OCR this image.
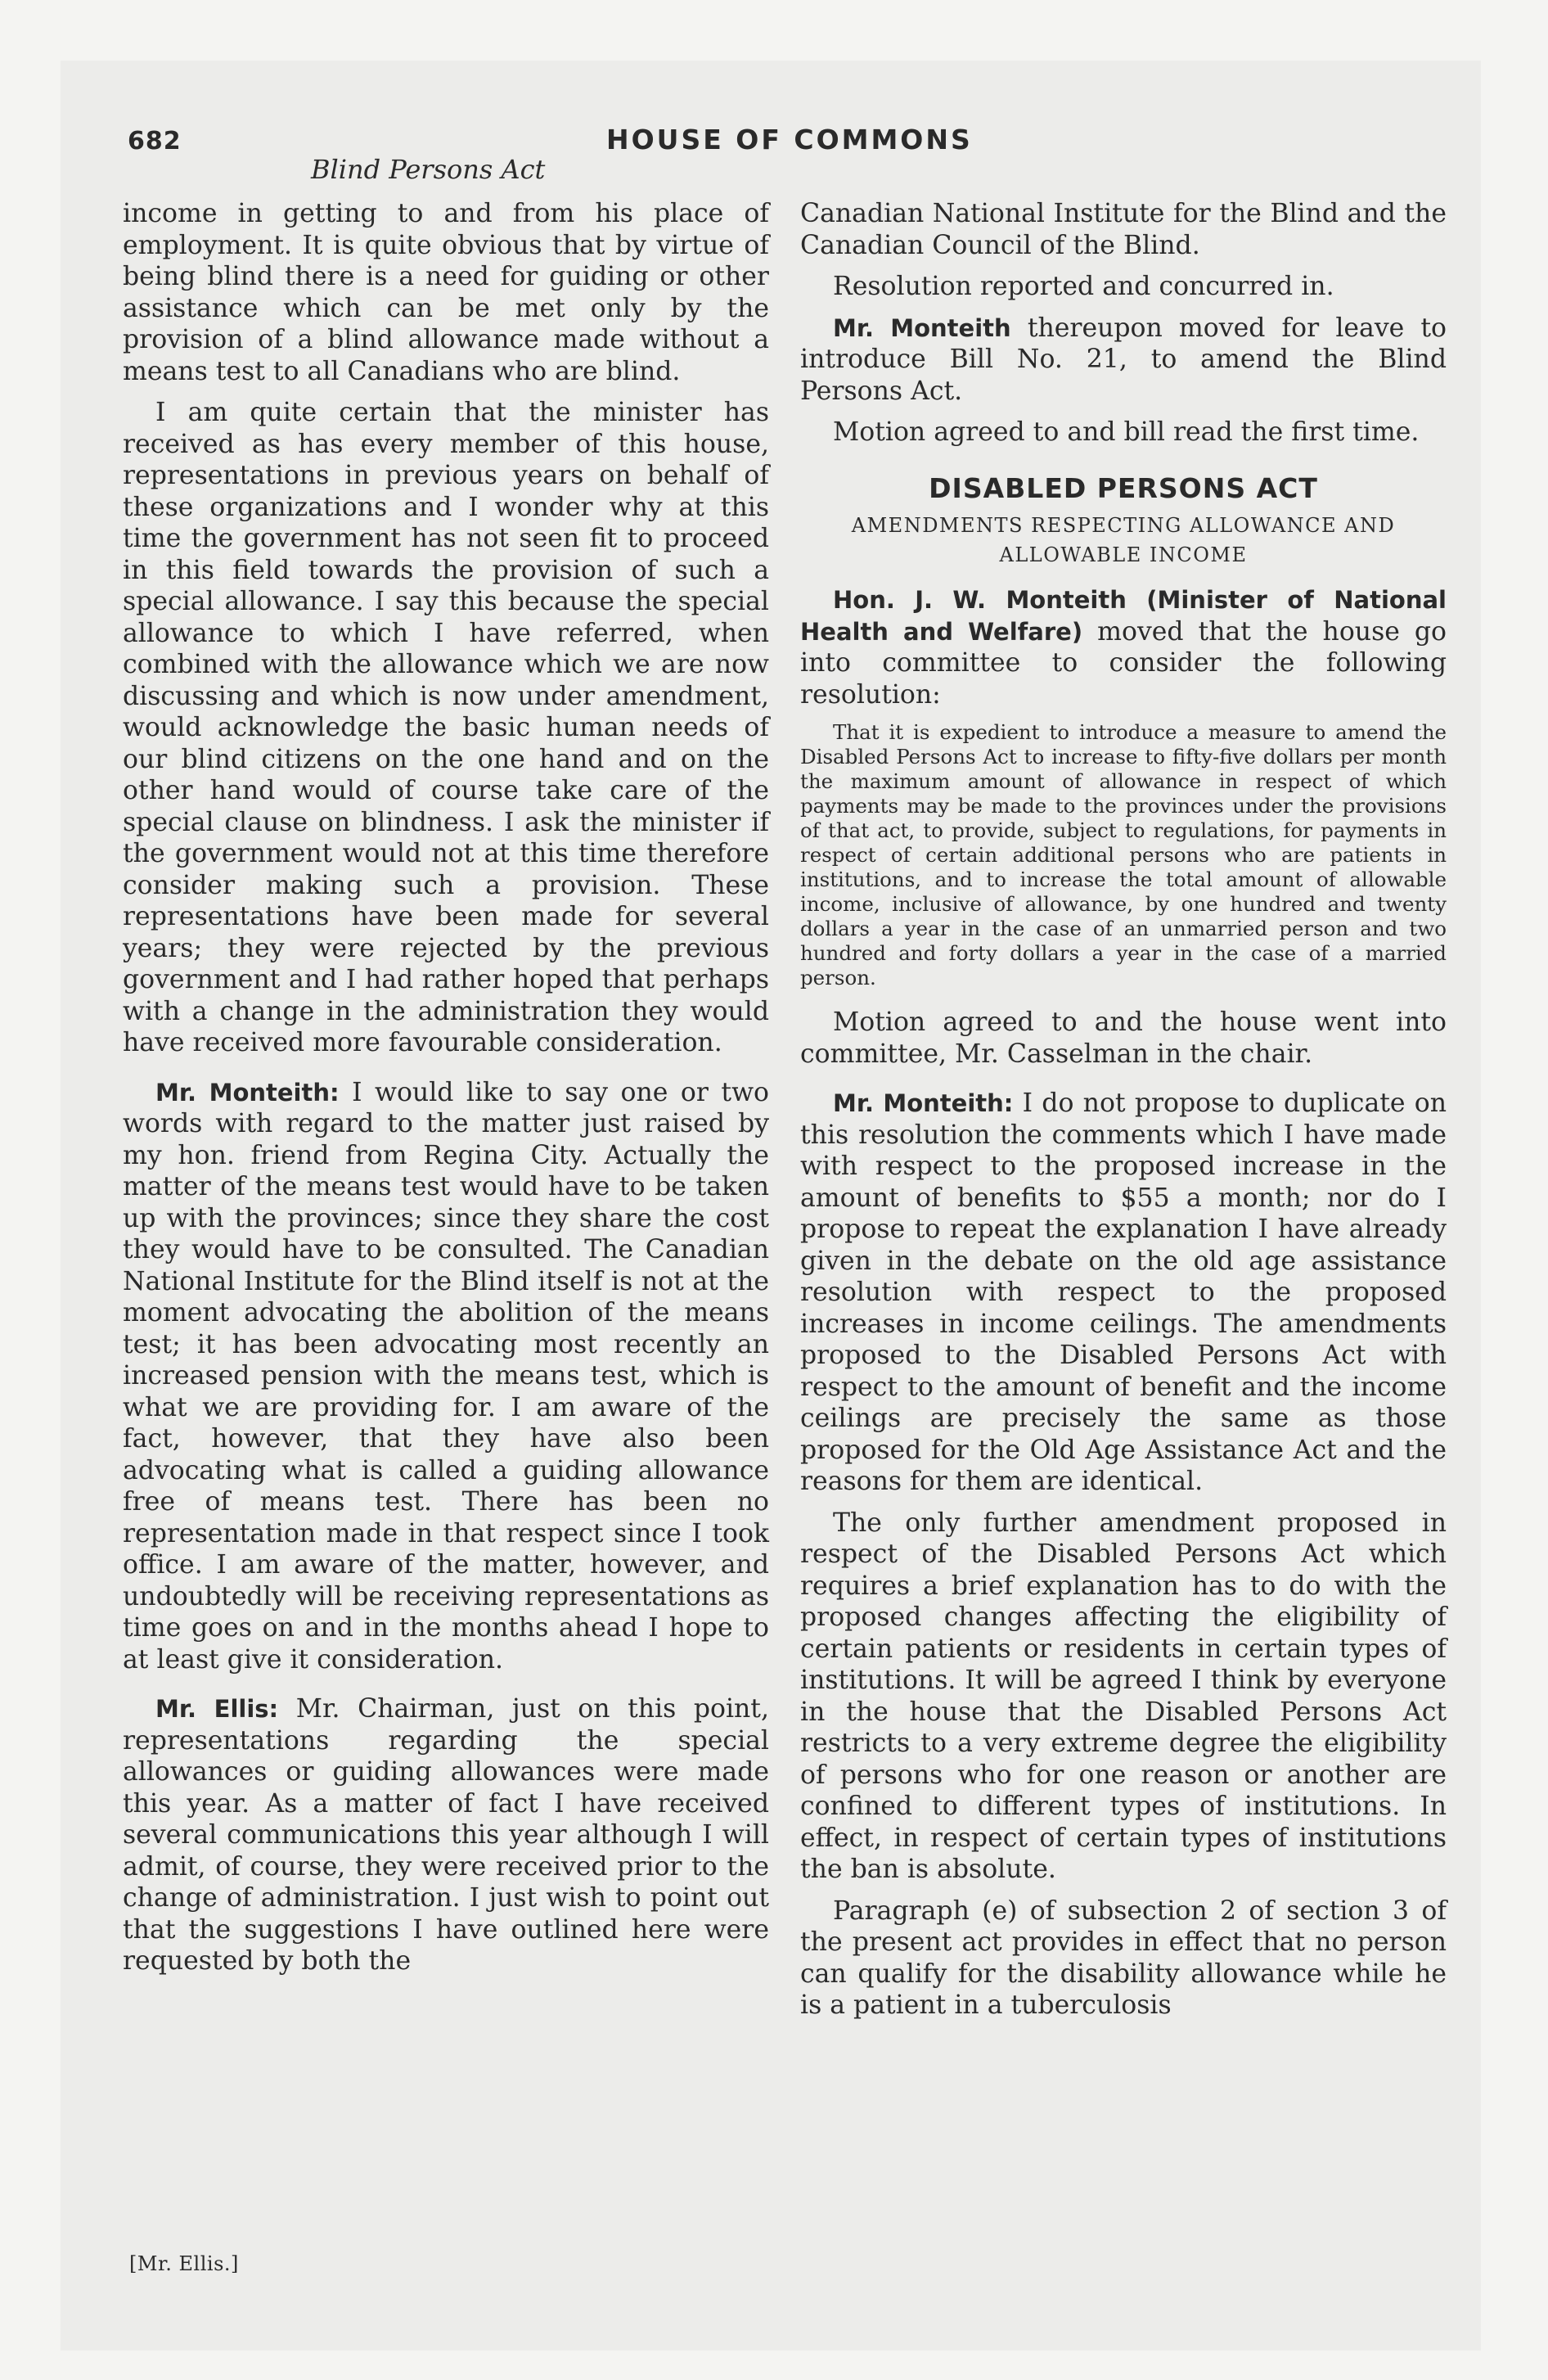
682	HOUSE OF COMMONS
Blind Persons Act

income in getting to and from his place of employment. It is quite obvious that by virtue of being blind there is a need for guiding or other assistance which can be met only by the provision of a blind allowance made without a means test to all Canadians who are blind.

I am quite certain that the minister has received as has every member of this house, representations in previous years on behalf of these organizations and I wonder why at this time the government has not seen fit to proceed in this field towards the provision of such a special allowance. I say this because the special allowance to which I have referred, when combined with the allowance which we are now discussing and which is now under amendment, would acknowledge the basic human needs of our blind citizens on the one hand and on the other hand would of course take care of the special clause on blindness. I ask the minister if the government would not at this time therefore consider making such a provision. These representations have been made for several years; they were rejected by the previous government and I had rather hoped that perhaps with a change in the administration they would have received more favourable consideration.

Mr. Monteith: I would like to say one or two words with regard to the matter just raised by my hon. friend from Regina City. Actually the matter of the means test would have to be taken up with the provinces; since they share the cost they would have to be consulted. The Canadian National Institute for the Blind itself is not at the moment advocating the abolition of the means test; it has been advocating most recently an increased pension with the means test, which is what we are providing for. I am aware of the fact, however, that they have also been advocating what is called a guiding allowance free of means test. There has been no representation made in that respect since I took office. I am aware of the matter, however, and undoubtedly will be receiving representations as time goes on and in the months ahead I hope to at least give it consideration.

Mr. Ellis: Mr. Chairman, just on this point, representations regarding the special allowances or guiding allowances were made this year. As a matter of fact I have received several communications this year although I will admit, of course, they were received prior to the change of administration. I just wish to point out that the suggestions I have outlined here were requested by both the

Canadian National Institute for the Blind and the Canadian Council of the Blind.

Resolution reported and concurred in.

Mr. Monteith thereupon moved for leave to introduce Bill No. 21, to amend the Blind Persons Act.

Motion agreed to and bill read the first time.

DISABLED PERSONS ACT
AMENDMENTS RESPECTING ALLOWANCE AND
ALLOWABLE INCOME

Hon. J. W. Monteith (Minister of National Health and Welfare) moved that the house go into committee to consider the following resolution:

That it is expedient to introduce a measure to amend the Disabled Persons Act to increase to fifty-five dollars per month the maximum amount of allowance in respect of which payments may be made to the provinces under the provisions of that act, to provide, subject to regulations, for payments in respect of certain additional persons who are patients in institutions, and to increase the total amount of allowable income, inclusive of allowance, by one hundred and twenty dollars a year in the case of an unmarried person and two hundred and forty dollars a year in the case of a married person.

Motion agreed to and the house went into committee, Mr. Casselman in the chair.

Mr. Monteith: I do not propose to duplicate on this resolution the comments which I have made with respect to the proposed increase in the amount of benefits to $55 a month; nor do I propose to repeat the explanation I have already given in the debate on the old age assistance resolution with respect to the proposed increases in income ceilings. The amendments proposed to the Disabled Persons Act with respect to the amount of benefit and the income ceilings are precisely the same as those proposed for the Old Age Assistance Act and the reasons for them are identical.

The only further amendment proposed in respect of the Disabled Persons Act which requires a brief explanation has to do with the proposed changes affecting the eligibility of certain patients or residents in certain types of institutions. It will be agreed I think by everyone in the house that the Disabled Persons Act restricts to a very extreme degree the eligibility of persons who for one reason or another are confined to different types of institutions. In effect, in respect of certain types of institutions the ban is absolute.

Paragraph (e) of subsection 2 of section 3 of the present act provides in effect that no person can qualify for the disability allowance while he is a patient in a tuberculosis

[Mr. Ellis.]
